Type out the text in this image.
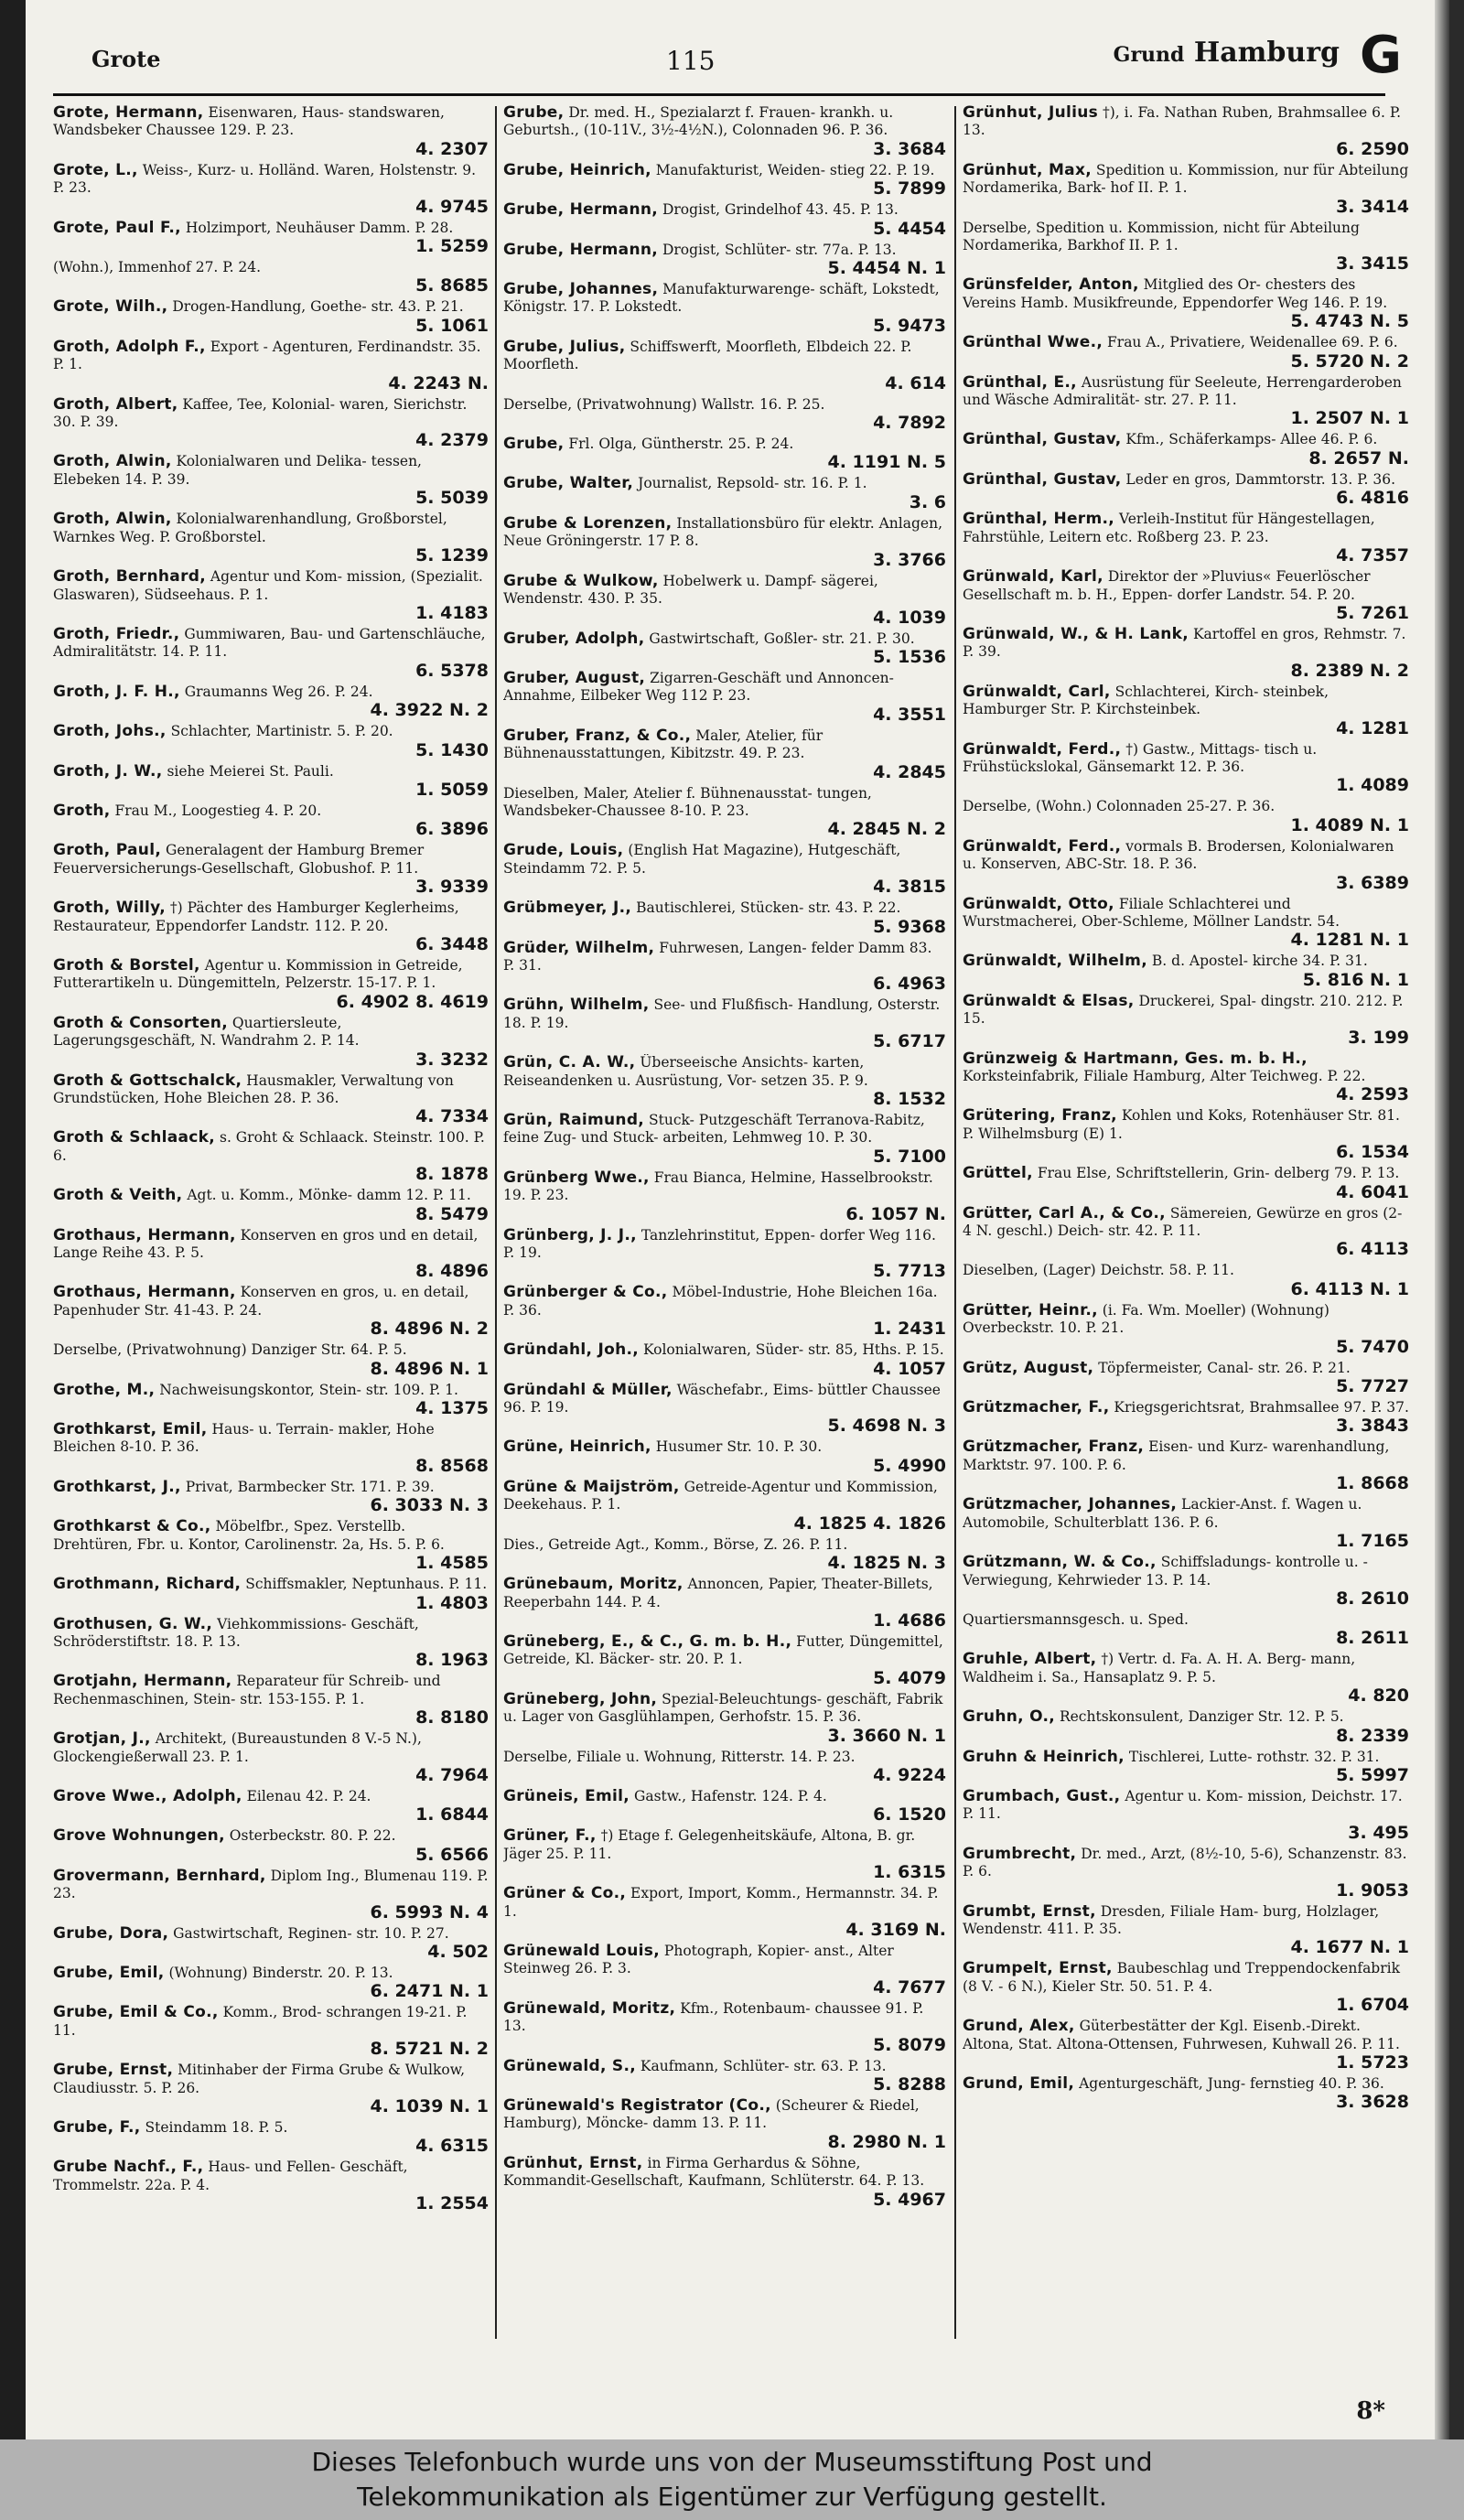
Grote	115	Grund Hamburg G
Grote, Hermann, Eisenwaren, Haus- standswaren, Wandsbeker Chaussee 129. P. 23.
4. 2307
Grote, L., Weiss-, Kurz- u. Holländ. Waren, Holstenstr. 9. P. 23.
4. 9745
Grote, Paul F., Holzimport, Neuhäuser Damm. P. 28.
1. 5259
(Wohn.), Immenhof 27. P. 24.
5. 8685
Grote, Wilh., Drogen-Handlung, Goethe- str. 43. P. 21.
5. 1061
Groth, Adolph F., Export - Agenturen, Ferdinandstr. 35. P. 1.
4. 2243 N.
Groth, Albert, Kaffee, Tee, Kolonial- waren, Sierichstr. 30. P. 39.
4. 2379
Groth, Alwin, Kolonialwaren und Delika- tessen, Elebeken 14. P. 39.
5. 5039
Groth, Alwin, Kolonialwarenhandlung, Großborstel, Warnkes Weg. P. Großborstel.
5. 1239
Groth, Bernhard, Agentur und Kom- mission, (Spezialit. Glaswaren), Südseehaus. P. 1.
1. 4183
Groth, Friedr., Gummiwaren, Bau- und Gartenschläuche, Admiralitätstr. 14. P. 11.
6. 5378
Groth, J. F. H., Graumanns Weg 26. P. 24.
4. 3922 N. 2
Groth, Johs., Schlachter, Martinistr. 5. P. 20.
5. 1430
Groth, J. W., siehe Meierei St. Pauli.
1. 5059
Groth, Frau M., Loogestieg 4. P. 20.
6. 3896
Groth, Paul, Generalagent der Hamburg Bremer Feuerversicherungs-Gesellschaft, Globushof. P. 11.
3. 9339
Groth, Willy, †) Pächter des Hamburger Keglerheims, Restaurateur, Eppendorfer Landstr. 112. P. 20.
6. 3448
Groth & Borstel, Agentur u. Kommission in Getreide, Futterartikeln u. Düngemitteln, Pelzerstr. 15-17. P. 1.
6. 4902 8. 4619
Groth & Consorten, Quartiersleute, Lagerungsgeschäft, N. Wandrahm 2. P. 14.
3. 3232
Groth & Gottschalck, Hausmakler, Verwaltung von Grundstücken, Hohe Bleichen 28. P. 36.
4. 7334
Groth & Schlaack, s. Groht & Schlaack. Steinstr. 100. P. 6.
8. 1878
Groth & Veith, Agt. u. Komm., Mönke- damm 12. P. 11.
8. 5479
Grothaus, Hermann, Konserven en gros und en detail, Lange Reihe 43. P. 5.
8. 4896
Grothaus, Hermann, Konserven en gros, u. en detail, Papenhuder Str. 41-43. P. 24.
8. 4896 N. 2
Derselbe, (Privatwohnung) Danziger Str. 64. P. 5.
8. 4896 N. 1
Grothe, M., Nachweisungskontor, Stein- str. 109. P. 1.
4. 1375
Grothkarst, Emil, Haus- u. Terrain- makler, Hohe Bleichen 8-10. P. 36.
8. 8568
Grothkarst, J., Privat, Barmbecker Str. 171. P. 39.
6. 3033 N. 3
Grothkarst & Co., Möbelfbr., Spez. Verstellb. Drehtüren, Fbr. u. Kontor, Carolinenstr. 2a, Hs. 5. P. 6.
1. 4585
Grothmann, Richard, Schiffsmakler, Neptunhaus. P. 11.
1. 4803
Grothusen, G. W., Viehkommissions- Geschäft, Schröderstiftstr. 18. P. 13.
8. 1963
Grotjahn, Hermann, Reparateur für Schreib- und Rechenmaschinen, Stein- str. 153-155. P. 1.
8. 8180
Grotjan, J., Architekt, (Bureaustunden 8 V.-5 N.), Glockengießerwall 23. P. 1.
4. 7964
Grove Wwe., Adolph, Eilenau 42. P. 24.
1. 6844
Grove Wohnungen, Osterbeckstr. 80. P. 22.
5. 6566
Grovermann, Bernhard, Diplom Ing., Blumenau 119. P. 23.
6. 5993 N. 4
Grube, Dora, Gastwirtschaft, Reginen- str. 10. P. 27.
4. 502
Grube, Emil, (Wohnung) Binderstr. 20. P. 13.
6. 2471 N. 1
Grube, Emil & Co., Komm., Brod- schrangen 19-21. P. 11.
8. 5721 N. 2
Grube, Ernst, Mitinhaber der Firma Grube & Wulkow, Claudiusstr. 5. P. 26.
4. 1039 N. 1
Grube, F., Steindamm 18. P. 5.
4. 6315
Grube Nachf., F., Haus- und Fellen- Geschäft, Trommelstr. 22a. P. 4.
1. 2554
Grube, Dr. med. H., Spezialarzt f. Frauen- krankh. u. Geburtsh., (10-11V., 3½-4½N.), Colonnaden 96. P. 36.
3. 3684
Grube, Heinrich, Manufakturist, Weiden- stieg 22. P. 19.
5. 7899
Grube, Hermann, Drogist, Grindelhof 43. 45. P. 13.
5. 4454
Grube, Hermann, Drogist, Schlüter- str. 77a. P. 13.
5. 4454 N. 1
Grube, Johannes, Manufakturwarenge- schäft, Lokstedt, Königstr. 17. P. Lokstedt.
5. 9473
Grube, Julius, Schiffswerft, Moorfleth, Elbdeich 22. P. Moorfleth.
4. 614
Derselbe, (Privatwohnung) Wallstr. 16. P. 25.
4. 7892
Grube, Frl. Olga, Güntherstr. 25. P. 24.
4. 1191 N. 5
Grube, Walter, Journalist, Repsold- str. 16. P. 1.
3. 6
Grube & Lorenzen, Installationsbüro für elektr. Anlagen, Neue Gröningerstr. 17 P. 8.
3. 3766
Grube & Wulkow, Hobelwerk u. Dampf- sägerei, Wendenstr. 430. P. 35.
4. 1039
Gruber, Adolph, Gastwirtschaft, Goßler- str. 21. P. 30.
5. 1536
Gruber, August, Zigarren-Geschäft und Annoncen-Annahme, Eilbeker Weg 112 P. 23.
4. 3551
Gruber, Franz, & Co., Maler, Atelier, für Bühnenausstattungen, Kibitzstr. 49. P. 23.
4. 2845
Dieselben, Maler, Atelier f. Bühnenausstat- tungen, Wandsbeker-Chaussee 8-10. P. 23.
4. 2845 N. 2
Grude, Louis, (English Hat Magazine), Hutgeschäft, Steindamm 72. P. 5.
4. 3815
Grübmeyer, J., Bautischlerei, Stücken- str. 43. P. 22.
5. 9368
Grüder, Wilhelm, Fuhrwesen, Langen- felder Damm 83. P. 31.
6. 4963
Grühn, Wilhelm, See- und Flußfisch- Handlung, Osterstr. 18. P. 19.
5. 6717
Grün, C. A. W., Überseeische Ansichts- karten, Reiseandenken u. Ausrüstung, Vor- setzen 35. P. 9.
8. 1532
Grün, Raimund, Stuck- Putzgeschäft Terranova-Rabitz, feine Zug- und Stuck- arbeiten, Lehmweg 10. P. 30.
5. 7100
Grünberg Wwe., Frau Bianca, Helmine, Hasselbrookstr. 19. P. 23.
6. 1057 N.
Grünberg, J. J., Tanzlehrinstitut, Eppen- dorfer Weg 116. P. 19.
5. 7713
Grünberger & Co., Möbel-Industrie, Hohe Bleichen 16a. P. 36.
1. 2431
Gründahl, Joh., Kolonialwaren, Süder- str. 85, Hths. P. 15.
4. 1057
Gründahl & Müller, Wäschefabr., Eims- büttler Chaussee 96. P. 19.
5. 4698 N. 3
Grüne, Heinrich, Husumer Str. 10. P. 30.
5. 4990
Grüne & Maijström, Getreide-Agentur und Kommission, Deekehaus. P. 1.
4. 1825 4. 1826
Dies., Getreide Agt., Komm., Börse, Z. 26. P. 11.
4. 1825 N. 3
Grünebaum, Moritz, Annoncen, Papier, Theater-Billets, Reeperbahn 144. P. 4.
1. 4686
Grüneberg, E., & C., G. m. b. H., Futter, Düngemittel, Getreide, Kl. Bäcker- str. 20. P. 1.
5. 4079
Grüneberg, John, Spezial-Beleuchtungs- geschäft, Fabrik u. Lager von Gasglühlampen, Gerhofstr. 15. P. 36.
3. 3660 N. 1
Derselbe, Filiale u. Wohnung, Ritterstr. 14. P. 23.
4. 9224
Grüneis, Emil, Gastw., Hafenstr. 124. P. 4.
6. 1520
Grüner, F., †) Etage f. Gelegenheitskäufe, Altona, B. gr. Jäger 25. P. 11.
1. 6315
Grüner & Co., Export, Import, Komm., Hermannstr. 34. P. 1.
4. 3169 N.
Grünewald Louis, Photograph, Kopier- anst., Alter Steinweg 26. P. 3.
4. 7677
Grünewald, Moritz, Kfm., Rotenbaum- chaussee 91. P. 13.
5. 8079
Grünewald, S., Kaufmann, Schlüter- str. 63. P. 13.
5. 8288
Grünewald's Registrator (Co., (Scheurer & Riedel, Hamburg), Möncke- damm 13. P. 11.
8. 2980 N. 1
Grünhut, Ernst, in Firma Gerhardus & Söhne, Kommandit-Gesellschaft, Kaufmann, Schlüterstr. 64. P. 13.
5. 4967
Grünhut, Julius †), i. Fa. Nathan Ruben, Brahmsallee 6. P. 13.
6. 2590
Grünhut, Max, Spedition u. Kommission, nur für Abteilung Nordamerika, Bark- hof II. P. 1.
3. 3414
Derselbe, Spedition u. Kommission, nicht für Abteilung Nordamerika, Barkhof II. P. 1.
3. 3415
Grünsfelder, Anton, Mitglied des Or- chesters des Vereins Hamb. Musikfreunde, Eppendorfer Weg 146. P. 19.
5. 4743 N. 5
Grünthal Wwe., Frau A., Privatiere, Weidenallee 69. P. 6.
5. 5720 N. 2
Grünthal, E., Ausrüstung für Seeleute, Herrengarderoben und Wäsche Admiralität- str. 27. P. 11.
1. 2507 N. 1
Grünthal, Gustav, Kfm., Schäferkamps- Allee 46. P. 6.
8. 2657 N.
Grünthal, Gustav, Leder en gros, Dammtorstr. 13. P. 36.
6. 4816
Grünthal, Herm., Verleih-Institut für Hängestellagen, Fahrstühle, Leitern etc. Roßberg 23. P. 23.
4. 7357
Grünwald, Karl, Direktor der »Pluvius« Feuerlöscher Gesellschaft m. b. H., Eppen- dorfer Landstr. 54. P. 20.
5. 7261
Grünwald, W., & H. Lank, Kartoffel en gros, Rehmstr. 7. P. 39.
8. 2389 N. 2
Grünwaldt, Carl, Schlachterei, Kirch- steinbek, Hamburger Str. P. Kirchsteinbek.
4. 1281
Grünwaldt, Ferd., †) Gastw., Mittags- tisch u. Frühstückslokal, Gänsemarkt 12. P. 36.
1. 4089
Derselbe, (Wohn.) Colonnaden 25-27. P. 36.
1. 4089 N. 1
Grünwaldt, Ferd., vormals B. Brodersen, Kolonialwaren u. Konserven, ABC-Str. 18. P. 36.
3. 6389
Grünwaldt, Otto, Filiale Schlachterei und Wurstmacherei, Ober-Schleme, Möllner Landstr. 54.
4. 1281 N. 1
Grünwaldt, Wilhelm, B. d. Apostel- kirche 34. P. 31.
5. 816 N. 1
Grünwaldt & Elsas, Druckerei, Spal- dingstr. 210. 212. P. 15.
3. 199
Grünzweig & Hartmann, Ges. m. b. H., Korksteinfabrik, Filiale Hamburg, Alter Teichweg. P. 22.
4. 2593
Grütering, Franz, Kohlen und Koks, Rotenhäuser Str. 81. P. Wilhelmsburg (E) 1.
6. 1534
Grüttel, Frau Else, Schriftstellerin, Grin- delberg 79. P. 13.
4. 6041
Grütter, Carl A., & Co., Sämereien, Gewürze en gros (2-4 N. geschl.) Deich- str. 42. P. 11.
6. 4113
Dieselben, (Lager) Deichstr. 58. P. 11.
6. 4113 N. 1
Grütter, Heinr., (i. Fa. Wm. Moeller) (Wohnung) Overbeckstr. 10. P. 21.
5. 7470
Grütz, August, Töpfermeister, Canal- str. 26. P. 21.
5. 7727
Grützmacher, F., Kriegsgerichtsrat, Brahmsallee 97. P. 37.
3. 3843
Grützmacher, Franz, Eisen- und Kurz- warenhandlung, Marktstr. 97. 100. P. 6.
1. 8668
Grützmacher, Johannes, Lackier-Anst. f. Wagen u. Automobile, Schulterblatt 136. P. 6.
1. 7165
Grützmann, W. & Co., Schiffsladungs- kontrolle u. -Verwiegung, Kehrwieder 13. P. 14.
8. 2610
Quartiersmannsgesch. u. Sped.
8. 2611
Gruhle, Albert, †) Vertr. d. Fa. A. H. A. Berg- mann, Waldheim i. Sa., Hansaplatz 9. P. 5.
4. 820
Gruhn, O., Rechtskonsulent, Danziger Str. 12. P. 5.
8. 2339
Gruhn & Heinrich, Tischlerei, Lutte- rothstr. 32. P. 31.
5. 5997
Grumbach, Gust., Agentur u. Kom- mission, Deichstr. 17. P. 11.
3. 495
Grumbrecht, Dr. med., Arzt, (8½-10, 5-6), Schanzenstr. 83. P. 6.
1. 9053
Grumbt, Ernst, Dresden, Filiale Ham- burg, Holzlager, Wendenstr. 411. P. 35.
4. 1677 N. 1
Grumpelt, Ernst, Baubeschlag und Treppendockenfabrik (8 V. - 6 N.), Kieler Str. 50. 51. P. 4.
1. 6704
Grund, Alex, Güterbestätter der Kgl. Eisenb.-Direkt. Altona, Stat. Altona-Ottensen, Fuhrwesen, Kuhwall 26. P. 11.
1. 5723
Grund, Emil, Agenturgeschäft, Jung- fernstieg 40. P. 36.
3. 3628
8*
Dieses Telefonbuch wurde uns von der Museumsstiftung Post und
Telekommunikation als Eigentümer zur Verfügung gestellt.
